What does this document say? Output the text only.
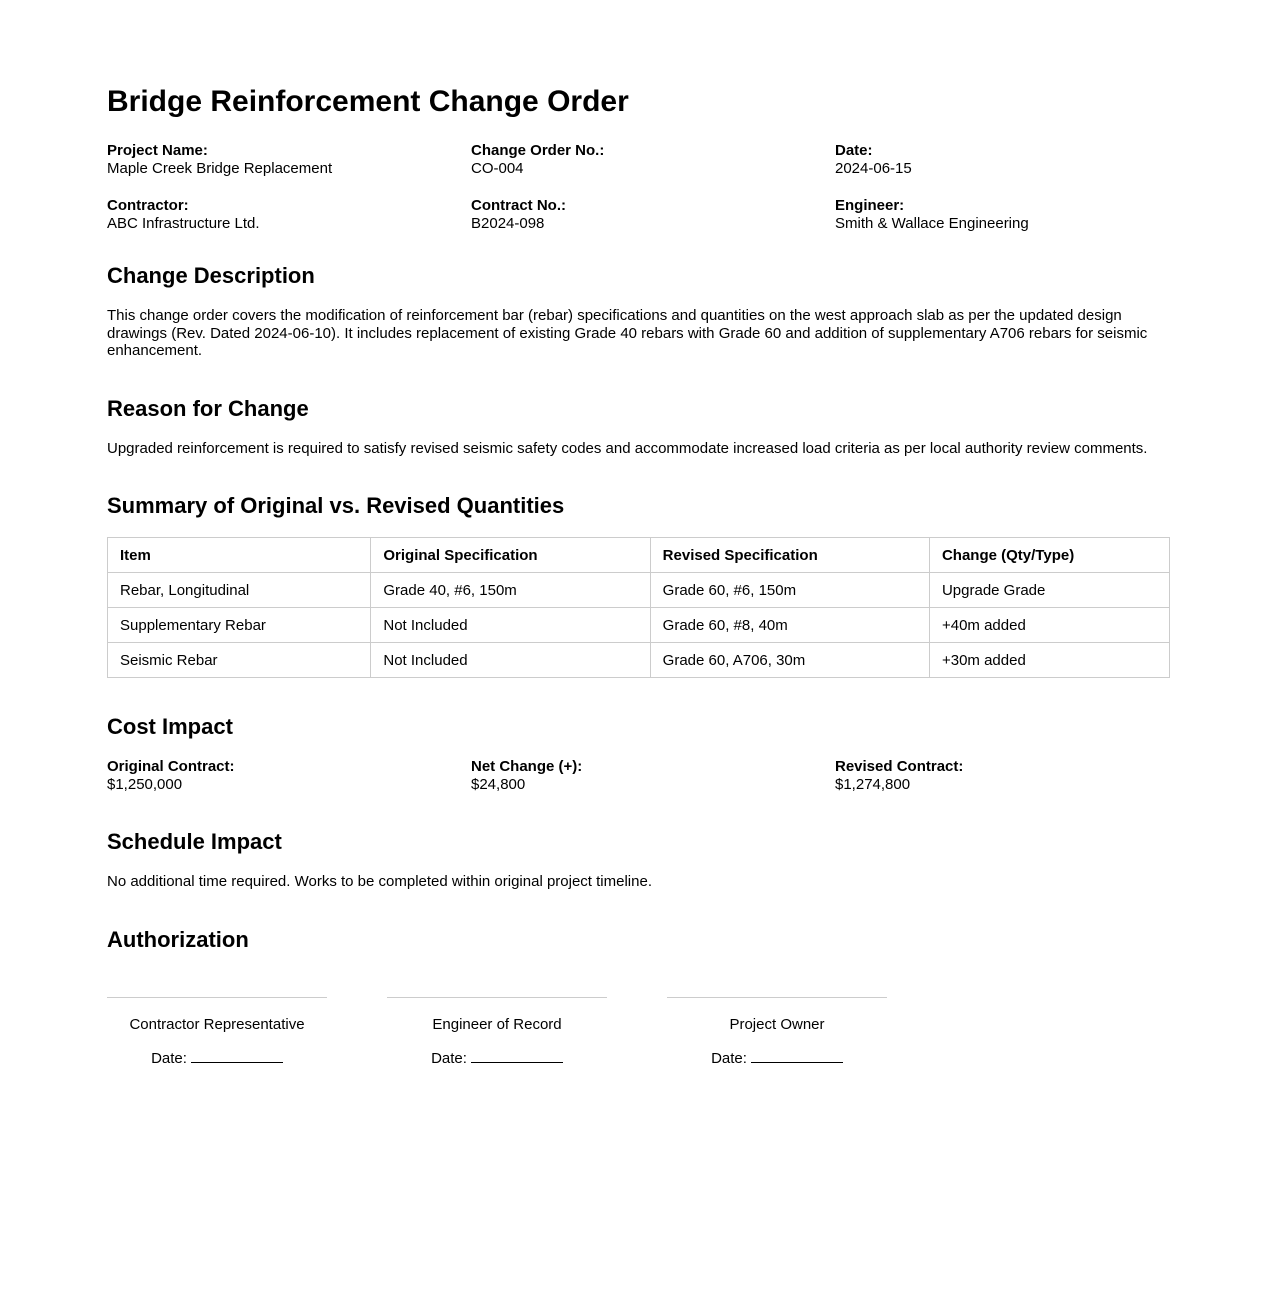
Bridge Reinforcement Change Order
Project Name:
Maple Creek Bridge Replacement
Change Order No.:
CO-004
Date:
2024-06-15
Contractor:
ABC Infrastructure Ltd.
Contract No.:
B2024-098
Engineer:
Smith & Wallace Engineering
Change Description

This change order covers the modification of reinforcement bar (rebar) specifications and quantities on the west approach slab as per the updated design drawings (Rev. Dated 2024-06-10). It includes replacement of existing Grade 40 rebars with Grade 60 and addition of supplementary A706 rebars for seismic enhancement.

Reason for Change

Upgraded reinforcement is required to satisfy revised seismic safety codes and accommodate increased load criteria as per local authority review comments.

Summary of Original vs. Revised Quantities
Item	Original Specification	Revised Specification	Change (Qty/Type)
Rebar, Longitudinal	Grade 40, #6, 150m	Grade 60, #6, 150m	Upgrade Grade
Supplementary Rebar	Not Included	Grade 60, #8, 40m	+40m added
Seismic Rebar	Not Included	Grade 60, A706, 30m	+30m added
Cost Impact
Original Contract:
$1,250,000
Net Change (+):
$24,800
Revised Contract:
$1,274,800
Schedule Impact

No additional time required. Works to be completed within original project timeline.

Authorization
Contractor Representative
Date:
Engineer of Record
Date:
Project Owner
Date:
